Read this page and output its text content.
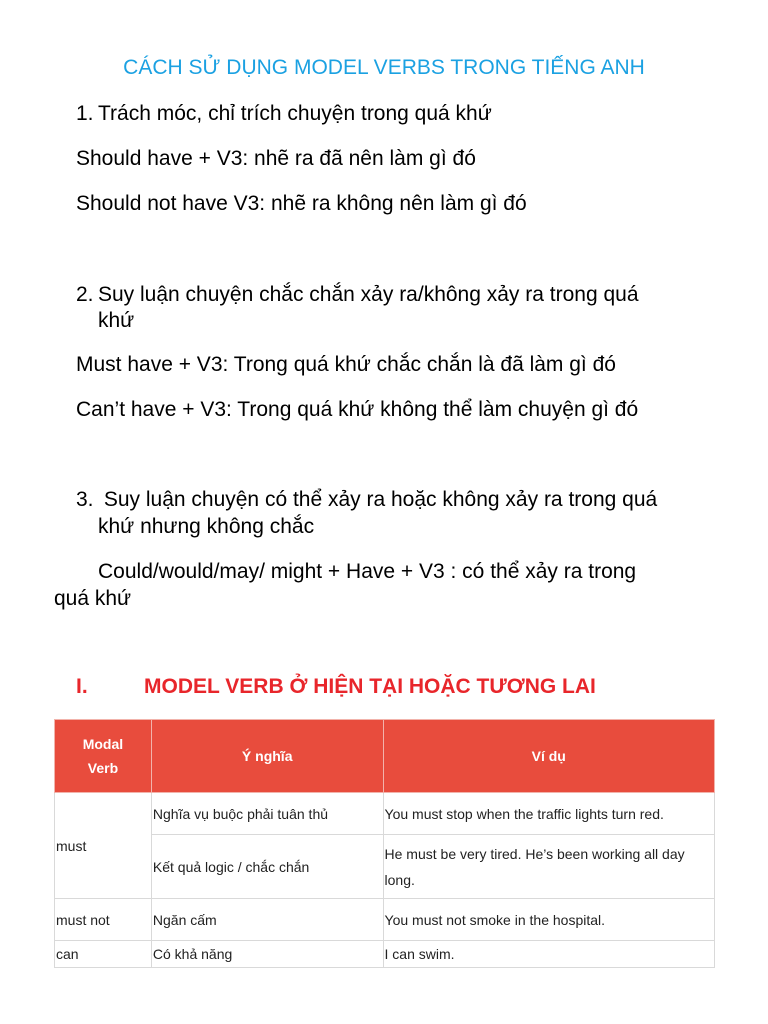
CÁCH SỬ DỤNG MODEL VERBS TRONG TIẾNG ANH
1. Trách móc, chỉ trích chuyện trong quá khứ
Should have + V3: nhẽ ra đã nên làm gì đó
Should not have V3: nhẽ ra không nên làm gì đó
2. Suy luận chuyện chắc chắn xảy ra/không xảy ra trong quá
khứ
Must have + V3: Trong quá khứ chắc chắn là đã làm gì đó
Can’t have + V3: Trong quá khứ không thể làm chuyện gì đó
3. Suy luận chuyện có thể xảy ra hoặc không xảy ra trong quá
khứ nhưng không chắc
Could/would/may/ might + Have + V3 : có thể xảy ra trong
quá khứ
I.	MODEL VERB Ở HIỆN TẠI HOẶC TƯƠNG LAI
Modal
Verb	Ý nghĩa	Ví dụ
must	Nghĩa vụ buộc phải tuân thủ	You must stop when the traffic lights turn red.
	Kết quả logic / chắc chắn	He must be very tired. He’s been working all day long.
must not	Ngăn cấm	You must not smoke in the hospital.
can	Có khả năng	I can swim.
